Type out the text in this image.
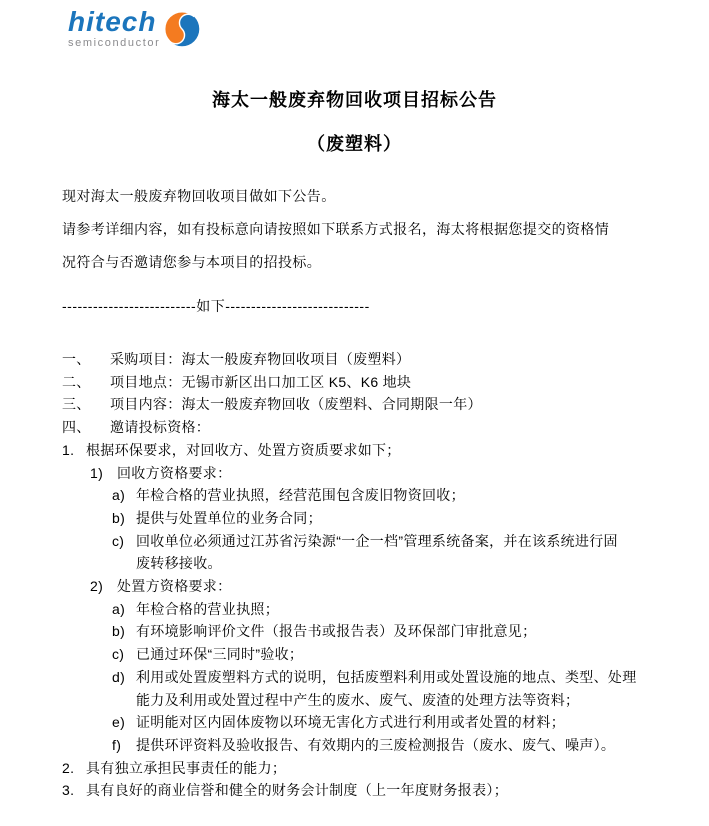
hitech
semiconductor
海太一般废弃物回收项目招标公告
（废塑料）
现对海太一般废弃物回收项目做如下公告。
请参考详细内容，如有投标意向请按照如下联系方式报名，海太将根据您提交的资格情
况符合与否邀请您参与本项目的招投标。
--------------------------如下----------------------------
一、	采购项目：海太一般废弃物回收项目（废塑料）
二、	项目地点：无锡市新区出口加工区 K5、K6 地块
三、	项目内容：海太一般废弃物回收（废塑料、合同期限一年）
四、	邀请投标资格：
1. 根据环保要求，对回收方、处置方资质要求如下；
1) 回收方资格要求：
a) 年检合格的营业执照，经营范围包含废旧物资回收；
b) 提供与处置单位的业务合同；
c) 回收单位必须通过江苏省污染源“一企一档”管理系统备案，并在该系统进行固
废转移接收。
2) 处置方资格要求：
a) 年检合格的营业执照；
b) 有环境影响评价文件（报告书或报告表）及环保部门审批意见；
c) 已通过环保“三同时”验收；
d) 利用或处置废塑料方式的说明，包括废塑料利用或处置设施的地点、类型、处理
能力及利用或处置过程中产生的废水、废气、废渣的处理方法等资料；
e) 证明能对区内固体废物以环境无害化方式进行利用或者处置的材料；
f)	提供环评资料及验收报告、有效期内的三废检测报告（废水、废气、噪声）。
2. 具有独立承担民事责任的能力；
3. 具有良好的商业信誉和健全的财务会计制度（上一年度财务报表）；
